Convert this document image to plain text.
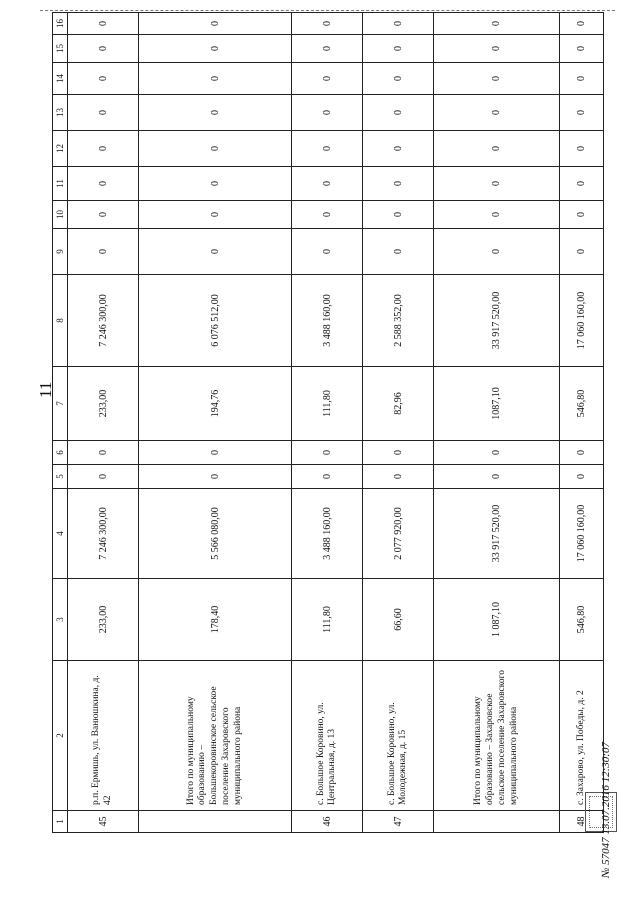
11
1	2	3	4	5	6	7	8	9	10	11	12	13	14	15	16
45	р.п. Ермишь, ул. Ванюшкина, д. 42	233,00	7 246 300,00	0	0	233,00	7 246 300,00	0	0	0	0	0	0	0	0
	Итого по муниципальному образованию – Большекоровинское сельское поселение Захаровского муниципального района	178,40	5 566 080,00	0	0	194,76	6 076 512,00	0	0	0	0	0	0	0	0
46	с. Большое Коровино, ул. Центральная, д. 13	111,80	3 488 160,00	0	0	111,80	3 488 160,00	0	0	0	0	0	0	0	0
47	с. Большое Коровино, ул. Молодежная, д. 15	66,60	2 077 920,00	0	0	82,96	2 588 352,00	0	0	0	0	0	0	0	0
	Итого по муниципальному образованию – Захаровское сельское поселение Захаровского муниципального района	1 087,10	33 917 520,00	0	0	1087,10	33 917 520,00	0	0	0	0	0	0	0	0
48	с. Захарово, ул. Победы, д. 2	546,80	17 060 160,00	0	0	546,80	17 060 160,00	0	0	0	0	0	0	0	0
№ 57047 13.07.2016 12:30:07
